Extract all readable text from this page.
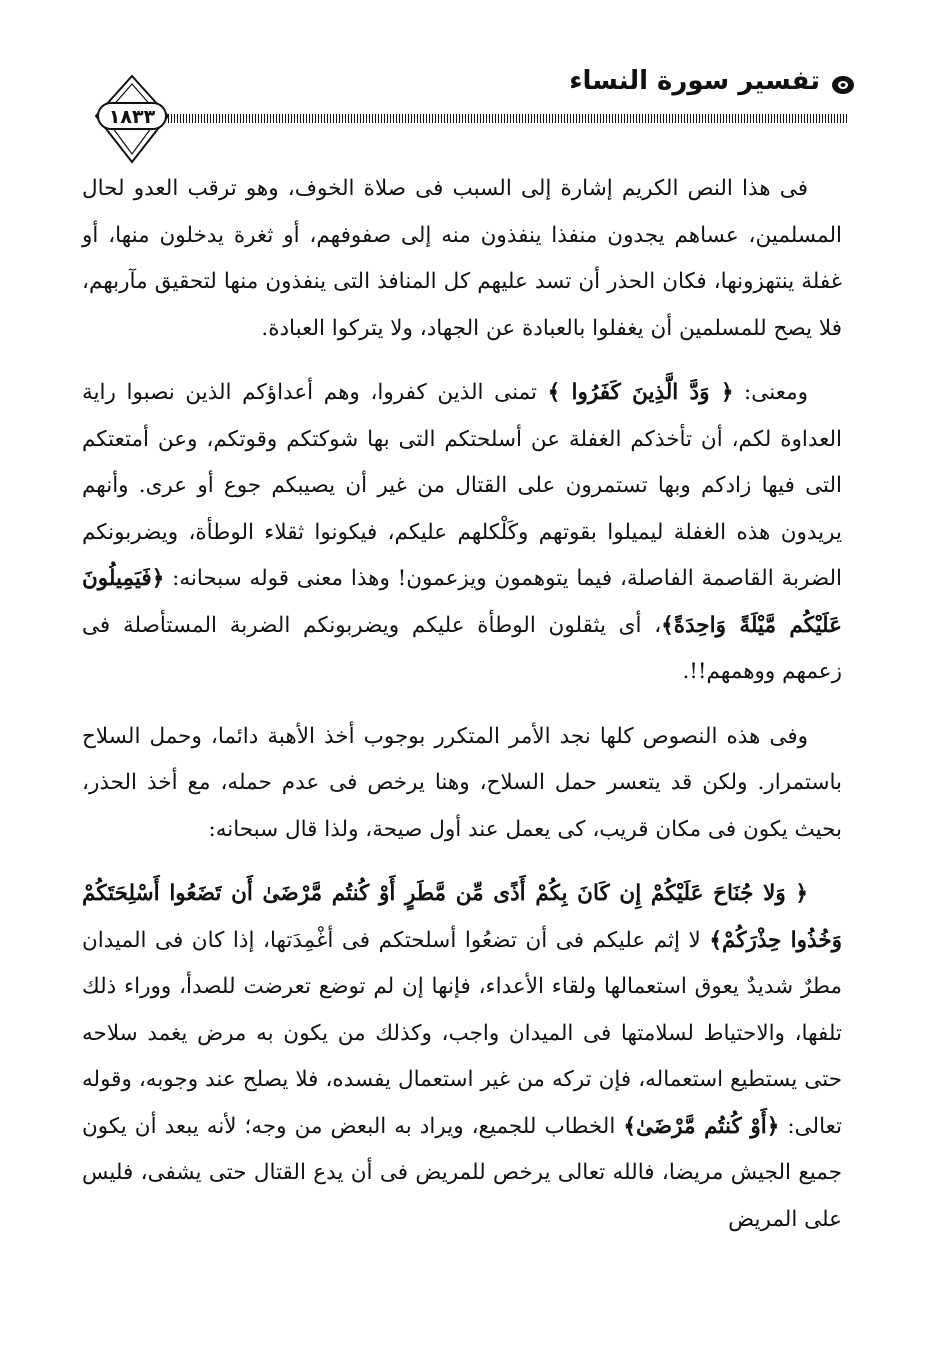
١٨٣٣
تفسير سورة النساء

فى هذا النص الكريم إشارة إلى السبب فى صلاة الخوف، وهو ترقب العدو لحال المسلمين، عساهم يجدون منفذا ينفذون منه إلى صفوفهم، أو ثغرة يدخلون منها، أو غفلة ينتهزونها، فكان الحذر أن تسد عليهم كل المنافذ التى ينفذون منها لتحقيق مآربهم، فلا يصح للمسلمين أن يغفلوا بالعبادة عن الجهاد، ولا يتركوا العبادة.

ومعنى: ﴿ وَدَّ الَّذِينَ كَفَرُوا ﴾ تمنى الذين كفروا، وهم أعداؤكم الذين نصبوا راية العداوة لكم، أن تأخذكم الغفلة عن أسلحتكم التى بها شوكتكم وقوتكم، وعن أمتعتكم التى فيها زادكم وبها تستمرون على القتال من غير أن يصيبكم جوع أو عرى. وأنهم يريدون هذه الغفلة ليميلوا بقوتهم وكَلْكلهم عليكم، فيكونوا ثقلاء الوطأة، ويضربونكم الضربة القاصمة الفاصلة، فيما يتوهمون ويزعمون! وهذا معنى قوله سبحانه: ﴿فَيَمِيلُونَ عَلَيْكُم مَّيْلَةً وَاحِدَةً﴾، أى يثقلون الوطأة عليكم ويضربونكم الضربة المستأصلة فى زعمهم ووهمهم!!.

وفى هذه النصوص كلها نجد الأمر المتكرر بوجوب أخذ الأهبة دائما، وحمل السلاح باستمرار. ولكن قد يتعسر حمل السلاح، وهنا يرخص فى عدم حمله، مع أخذ الحذر، بحيث يكون فى مكان قريب، كى يعمل عند أول صيحة، ولذا قال سبحانه:

﴿ وَلا جُنَاحَ عَلَيْكُمْ إِن كَانَ بِكُمْ أَذًى مِّن مَّطَرٍ أَوْ كُنتُم مَّرْضَىٰ أَن تَضَعُوا أَسْلِحَتَكُمْ وَخُذُوا حِذْرَكُمْ﴾ لا إثم عليكم فى أن تضعُوا أسلحتكم فى أغْمِدَتها، إذا كان فى الميدان مطرٌ شديدٌ يعوق استعمالها ولقاء الأعداء، فإنها إن لم توضع تعرضت للصدأ، ووراء ذلك تلفها، والاحتياط لسلامتها فى الميدان واجب، وكذلك من يكون به مرض يغمد سلاحه حتى يستطيع استعماله، فإن تركه من غير استعمال يفسده، فلا يصلح عند وجوبه، وقوله تعالى: ﴿أَوْ كُنتُم مَّرْضَىٰ﴾ الخطاب للجميع، ويراد به البعض من وجه؛ لأنه يبعد أن يكون جميع الجيش مريضا، فالله تعالى يرخص للمريض فى أن يدع القتال حتى يشفى، فليس على المريض
